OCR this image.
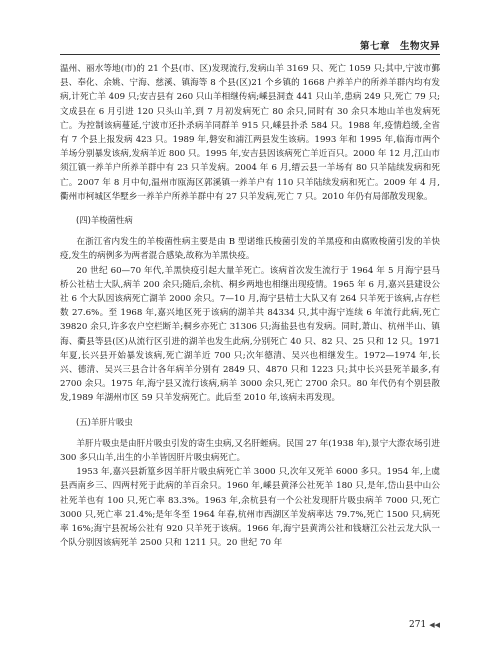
第七章　生物灾异

温州、丽水等地(市)的 21 个县(市、区)发现流行,发病山羊 3169 只、死亡 1059 只;其中,宁波市鄞县、奉化、余姚、宁海、慈溪、镇海等 8 个县(区)21 个乡镇的 1668 户养羊户的所养羊群内均有发病,计死亡羊 409 只;安吉县有 260 只山羊相继传病;嵊县洞查 441 只山羊,患病 249 只,死亡 79 只;文成县在 6 月引进 120 只头山羊,到 7 月初发病死亡 80 余只,同时有 30 余只本地山羊也发病死亡。为控制该病蔓延,宁波市还扑杀病羊同群羊 915 只,嵊县扑杀 584 只。1988 年,疫情趋缓,全省有 7 个县上报发病 423 只。1989 年,磐安和浦江两县发生该病。1993 年和 1995 年,临海市两个羊场分别暴发该病,发病羊近 800 只。1995 年,安吉县因该病死亡羊近百只。2000 年 12 月,江山市须江镇一养羊户所养羊群中有 23 只羊发病。2004 年 6 月,缙云县一羊场有 80 只羊陆续发病和死亡。2007 年 8 月中旬,温州市瓯海区郭溪镇一养羊户有 110 只羊陆续发病和死亡。2009 年 4 月,衢州市柯城区华墅乡一养羊户所养羊群中有 27 只羊发病,死亡 7 只。2010 年仍有局部散发现象。

(四)羊梭菌性病

在浙江省内发生的羊梭菌性病主要是由 B 型诺维氏梭菌引发的羊黑疫和由腐败梭菌引发的羊快疫,发生的病例多为两者混合感染,故称为羊黑快疫。

20 世纪 60—70 年代,羊黑快疫引起大量羊死亡。该病首次发生流行于 1964 年 5 月海宁县马桥公社桔士大队,病羊 200 余只;随后,余杭、桐乡两地也相继出现疫情。1965 年 6 月,嘉兴县建设公社 6 个大队因该病死亡湖羊 2000 余只。7—10 月,海宁县桔士大队又有 264 只羊死于该病,占存栏数 27.6%。至 1968 年,嘉兴地区死于该病的湖羊共 84334 只,其中海宁连续 6 年流行此病,死亡 39820 余只,许多农户空栏断羊;桐乡亦死亡 31306 只;海盐县也有发病。同时,萧山、杭州半山、镇海、衢县等县(区)从流行区引进的湖羊也发生此病,分别死亡 40 只、82 只、25 只和 12 只。1971 年夏,长兴县开始暴发该病,死亡湖羊近 700 只;次年德清、吴兴也相继发生。1972—1974 年,长兴、德清、吴兴三县合计各年病羊分别有 2849 只、4870 只和 1223 只;其中长兴县死羊最多,有 2700 余只。1975 年,海宁县又流行该病,病羊 3000 余只,死亡 2700 余只。80 年代仍有个别县散发,1989 年湖州市区 59 只羊发病死亡。此后至 2010 年,该病未再发现。

(五)羊肝片吸虫

羊肝片吸虫是由肝片吸虫引发的寄生虫病,又名肝蛭病。民国 27 年(1938 年),景宁大漈农场引进 300 多只山羊,出生的小羊皆因肝片吸虫病死亡。

1953 年,嘉兴县新篁乡因羊肝片吸虫病死亡羊 3000 只,次年又死羊 6000 多只。1954 年,上虞县西南乡三、四两村死于此病的羊百余只。1960 年,嵊县黄泽公社死羊 180 只,是年,岱山县中山公社死羊也有 100 只,死亡率 83.3%。1963 年,余杭县有一个公社发现肝片吸虫病羊 7000 只,死亡 3000 只,死亡率 21.4%;是年冬至 1964 年春,杭州市西湖区羊发病率达 79.7%,死亡 1500 只,病死率 16%;海宁县祝场公社有 920 只羊死于该病。1966 年,海宁县黄湾公社和钱塘江公社云龙大队一个队分别因该病死羊 2500 只和 1211 只。20 世纪 70 年

271 ◀◀
